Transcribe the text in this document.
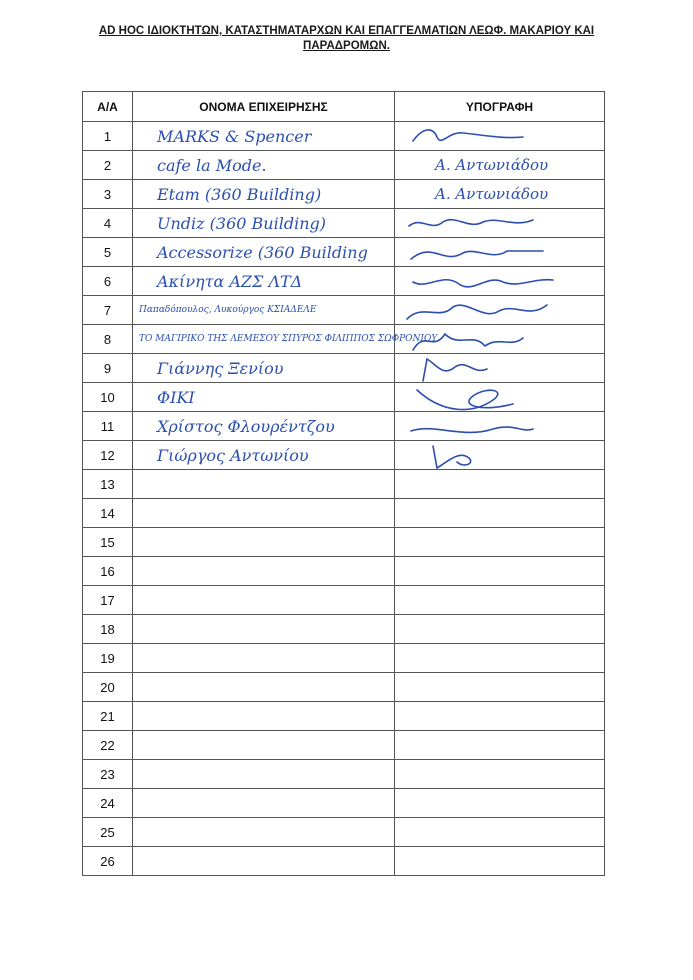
AD HOC ΙΔΙΟΚΤΗΤΩΝ, ΚΑΤΑΣΤΗΜΑΤΑΡΧΩΝ ΚΑΙ ΕΠΑΓΓΕΛΜΑΤΙΩΝ ΛΕΩΦ. ΜΑΚΑΡΙΟΥ ΚΑΙ
ΠΑΡΑΔΡΟΜΩΝ.
Α/Α	ΟΝΟΜΑ ΕΠΙΧΕΙΡΗΣΗΣ	ΥΠΟΓΡΑΦΗ
1	MARKS & Spencer	

2	cafe la Mode.	Α. Αντωνιάδου
3	Etam (360 Building)	Α. Αντωνιάδου
4	Undiz (360 Building)	

5	Accessorize (360 Building	

6	Ακίνητα ΑΖΣ ΛΤΔ	

7	Παπαδόπουλος, Λυκούργος ΚΣΙΑΔΕΛΕ	

8	ΤΟ ΜΑΓΙΡΙΚΟ ΤΗΣ ΛΕΜΕΣΟΥ ΣΠΥΡΟΣ ΦΙΛΙΠΠΟΣ ΣΩΦΡΟΝΙΟΥ	

9	Γιάννης Ξενίου	

10	ΦΙΚΙ	

11	Χρίστος Φλουρέντζου	

12	Γιώργος Αντωνίου	

13		
14		
15		
16		
17		
18		
19		
20		
21		
22		
23		
24		
25		
26		
